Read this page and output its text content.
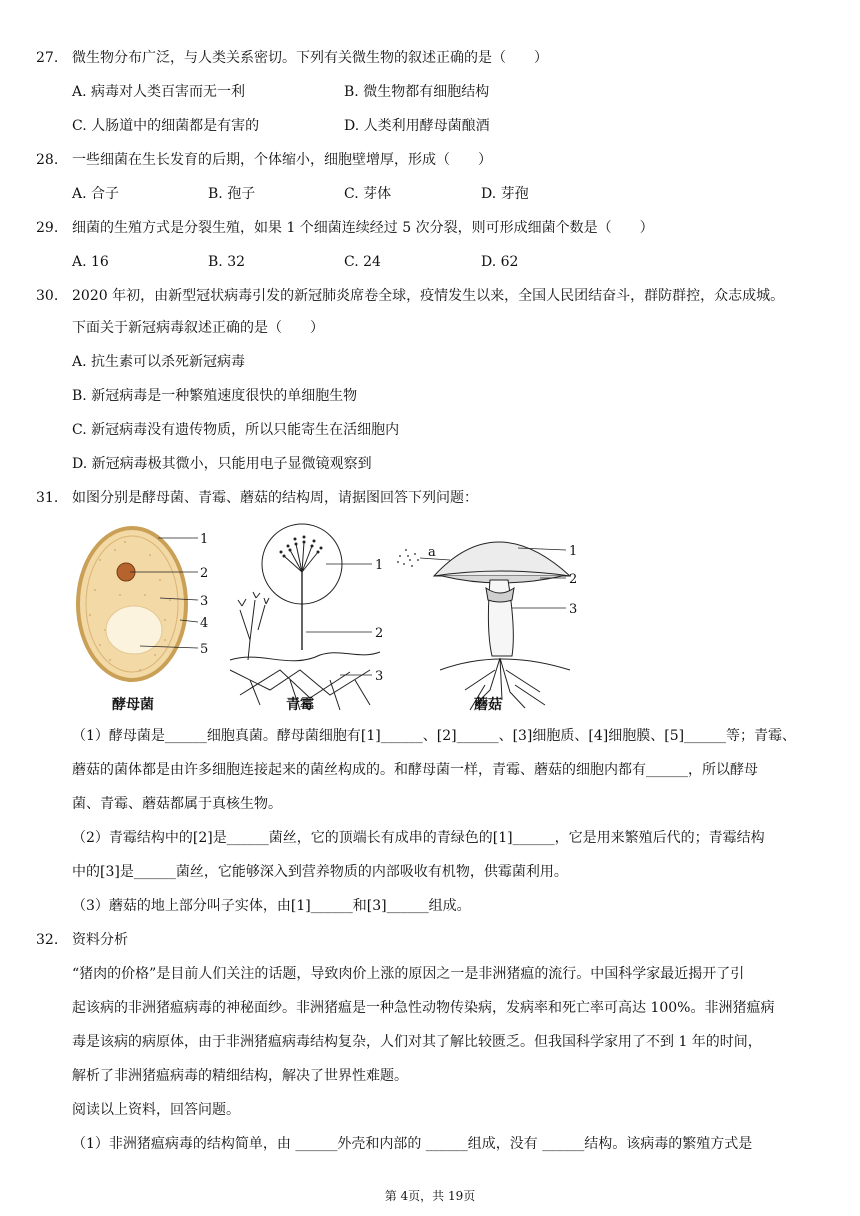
27. 微生物分布广泛，与人类关系密切。下列有关微生物的叙述正确的是（　　）
A. 病毒对人类百害而无一利	B. 微生物都有细胞结构
C. 人肠道中的细菌都是有害的	D. 人类利用酵母菌酿酒
28. 一些细菌在生长发育的后期，个体缩小，细胞壁增厚，形成（　　）
A. 合子	B. 孢子	C. 芽体	D. 芽孢
29. 细菌的生殖方式是分裂生殖，如果 1 个细菌连续经过 5 次分裂，则可形成细菌个数是（　　）
A. 16	B. 32	C. 24	D. 62
30. 2020 年初，由新型冠状病毒引发的新冠肺炎席卷全球，疫情发生以来，全国人民团结奋斗，群防群控，众志成城。
下面关于新冠病毒叙述正确的是（　　）
A. 抗生素可以杀死新冠病毒
B. 新冠病毒是一种繁殖速度很快的单细胞生物
C. 新冠病毒没有遗传物质，所以只能寄生在活细胞内
D. 新冠病毒极其微小，只能用电子显微镜观察到
31. 如图分别是酵母菌、青霉、蘑菇的结构周，请据图回答下列问题：
1
2
3
4
5
1
2
3
a	1
2
3
酵母菌	青霉	蘑菇
（1）酵母菌是______细胞真菌。酵母菌细胞有[1]______、[2]______、[3]细胞质、[4]细胞膜、[5]______等；青霉、
蘑菇的菌体都是由许多细胞连接起来的菌丝构成的。和酵母菌一样，青霉、蘑菇的细胞内都有______，所以酵母
菌、青霉、蘑菇都属于真核生物。
（2）青霉结构中的[2]是______菌丝，它的顶端长有成串的青绿色的[1]______，它是用来繁殖后代的；青霉结构
中的[3]是______菌丝，它能够深入到营养物质的内部吸收有机物，供霉菌利用。
（3）蘑菇的地上部分叫子实体，由[1]______和[3]______组成。
32. 资料分析
“猪肉的价格”是目前人们关注的话题，导致肉价上涨的原因之一是非洲猪瘟的流行。中国科学家最近揭开了引
起该病的非洲猪瘟病毒的神秘面纱。非洲猪瘟是一种急性动物传染病，发病率和死亡率可高达 100%。非洲猪瘟病
毒是该病的病原体，由于非洲猪瘟病毒结构复杂，人们对其了解比较匮乏。但我国科学家用了不到 1 年的时间，
解析了非洲猪瘟病毒的精细结构，解决了世界性难题。
阅读以上资料，回答问题。
（1）非洲猪瘟病毒的结构简单，由 ______外壳和内部的 ______组成，没有 ______结构。该病毒的繁殖方式是
第 4页，共 19页
